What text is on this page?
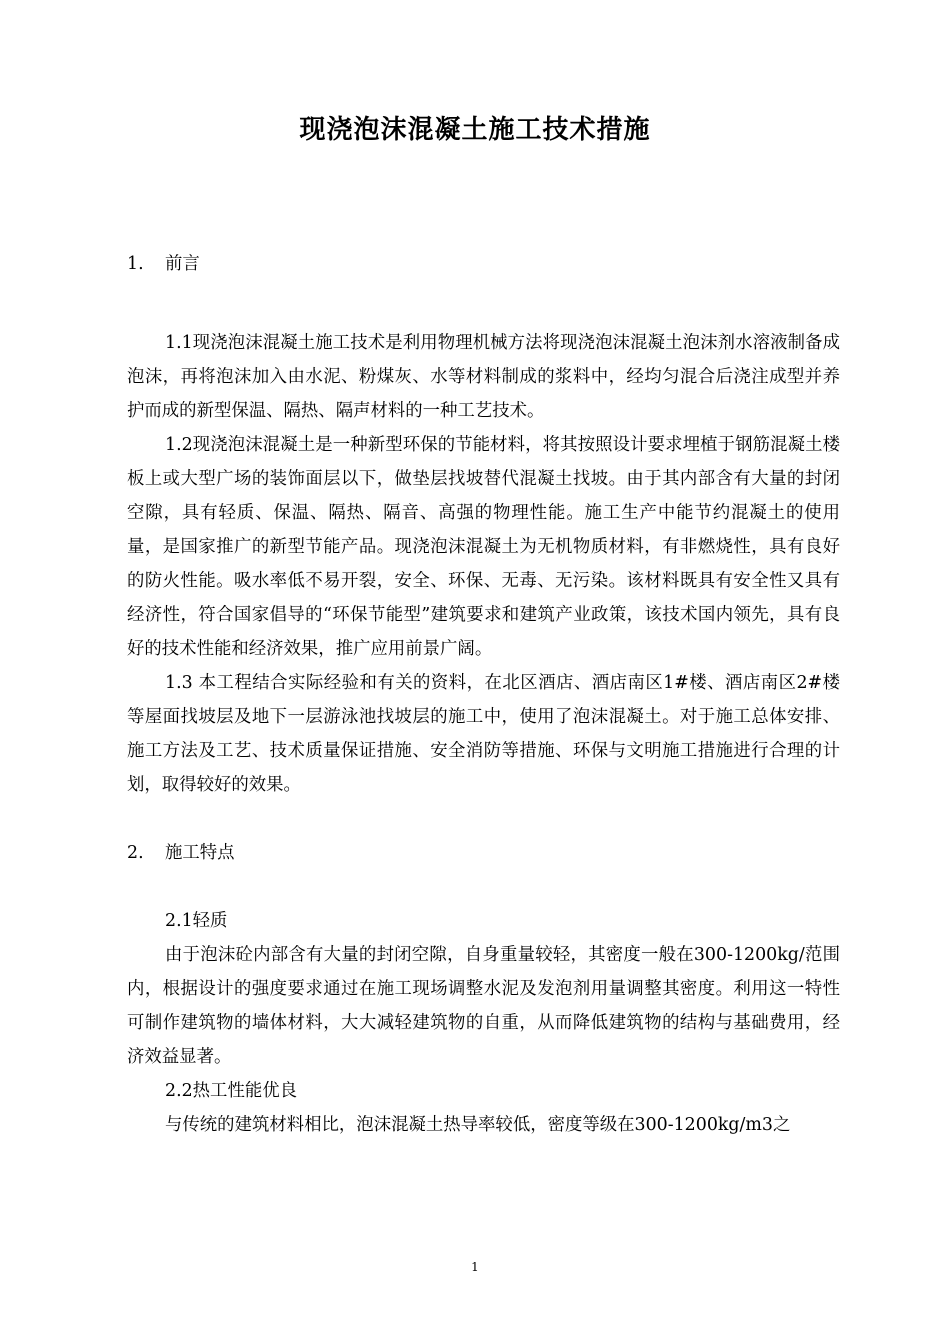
现浇泡沫混凝土施工技术措施

1. 前言

1.1现浇泡沫混凝土施工技术是利用物理机械方法将现浇泡沫混凝土泡沫剂水溶液制备成泡沫，再将泡沫加入由水泥、粉煤灰、水等材料制成的浆料中，经均匀混合后浇注成型并养护而成的新型保温、隔热、隔声材料的一种工艺技术。

1.2现浇泡沫混凝土是一种新型环保的节能材料，将其按照设计要求埋植于钢筋混凝土楼板上或大型广场的装饰面层以下，做垫层找坡替代混凝土找坡。由于其内部含有大量的封闭空隙，具有轻质、保温、隔热、隔音、高强的物理性能。施工生产中能节约混凝土的使用量，是国家推广的新型节能产品。现浇泡沫混凝土为无机物质材料，有非燃烧性，具有良好的防火性能。吸水率低不易开裂，安全、环保、无毒、无污染。该材料既具有安全性又具有经济性，符合国家倡导的“环保节能型”建筑要求和建筑产业政策，该技术国内领先，具有良好的技术性能和经济效果，推广应用前景广阔。

1.3 本工程结合实际经验和有关的资料，在北区酒店、酒店南区1#楼、酒店南区2#楼等屋面找坡层及地下一层游泳池找坡层的施工中，使用了泡沫混凝土。对于施工总体安排、施工方法及工艺、技术质量保证措施、安全消防等措施、环保与文明施工措施进行合理的计划，取得较好的效果。

2. 施工特点

2.1轻质

由于泡沫砼内部含有大量的封闭空隙，自身重量较轻，其密度一般在300-1200kg/范围内，根据设计的强度要求通过在施工现场调整水泥及发泡剂用量调整其密度。利用这一特性可制作建筑物的墙体材料，大大减轻建筑物的自重，从而降低建筑物的结构与基础费用，经济效益显著。

2.2热工性能优良

与传统的建筑材料相比，泡沫混凝土热导率较低，密度等级在300-1200kg/m3之

1
